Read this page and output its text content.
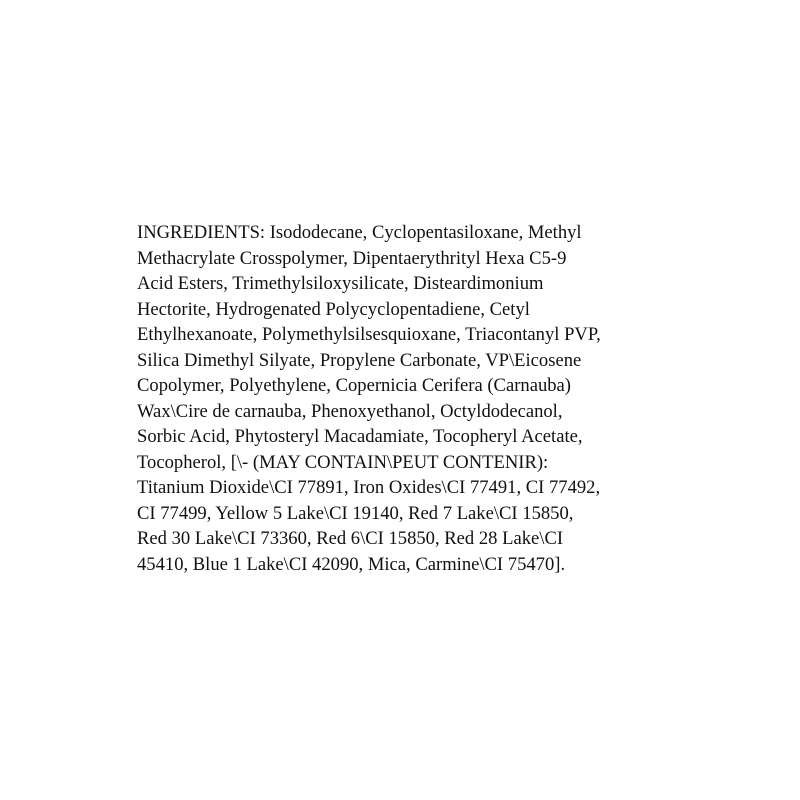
INGREDIENTS: Isododecane, Cyclopentasiloxane, Methyl
Methacrylate Crosspolymer, Dipentaerythrityl Hexa C5-9
Acid Esters, Trimethylsiloxysilicate, Disteardimonium
Hectorite, Hydrogenated Polycyclopentadiene, Cetyl
Ethylhexanoate, Polymethylsilsesquioxane, Triacontanyl PVP,
Silica Dimethyl Silyate, Propylene Carbonate, VP\Eicosene
Copolymer, Polyethylene, Copernicia Cerifera (Carnauba)
Wax\Cire de carnauba, Phenoxyethanol, Octyldodecanol,
Sorbic Acid, Phytosteryl Macadamiate, Tocopheryl Acetate,
Tocopherol, [\- (MAY CONTAIN\PEUT CONTENIR):
Titanium Dioxide\CI 77891, Iron Oxides\CI 77491, CI 77492,
CI 77499, Yellow 5 Lake\CI 19140, Red 7 Lake\CI 15850,
Red 30 Lake\CI 73360, Red 6\CI 15850, Red 28 Lake\CI
45410, Blue 1 Lake\CI 42090, Mica, Carmine\CI 75470].
